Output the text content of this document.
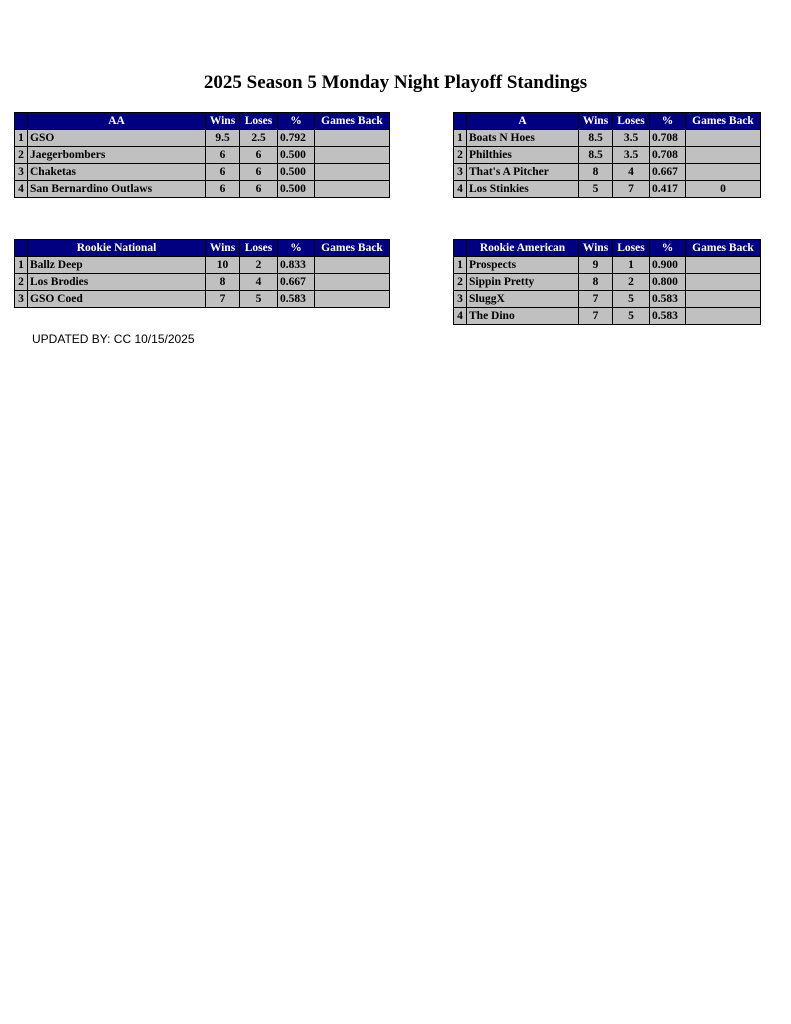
2025 Season 5 Monday Night Playoff Standings
	AA	Wins	Loses	%	Games Back
1	GSO	9.5	2.5	0.792	
2	Jaegerbombers	6	6	0.500	
3	Chaketas	6	6	0.500	
4	San Bernardino Outlaws	6	6	0.500	
	A	Wins	Loses	%	Games Back
1	Boats N Hoes	8.5	3.5	0.708	
2	Philthies	8.5	3.5	0.708	
3	That's A Pitcher	8	4	0.667	
4	Los Stinkies	5	7	0.417	0
	Rookie National	Wins	Loses	%	Games Back
1	Ballz Deep	10	2	0.833	
2	Los Brodies	8	4	0.667	
3	GSO Coed	7	5	0.583	
	Rookie American	Wins	Loses	%	Games Back
1	Prospects	9	1	0.900	
2	Sippin Pretty	8	2	0.800	
3	SluggX	7	5	0.583	
4	The Dino	7	5	0.583	
UPDATED BY: CC 10/15/2025
